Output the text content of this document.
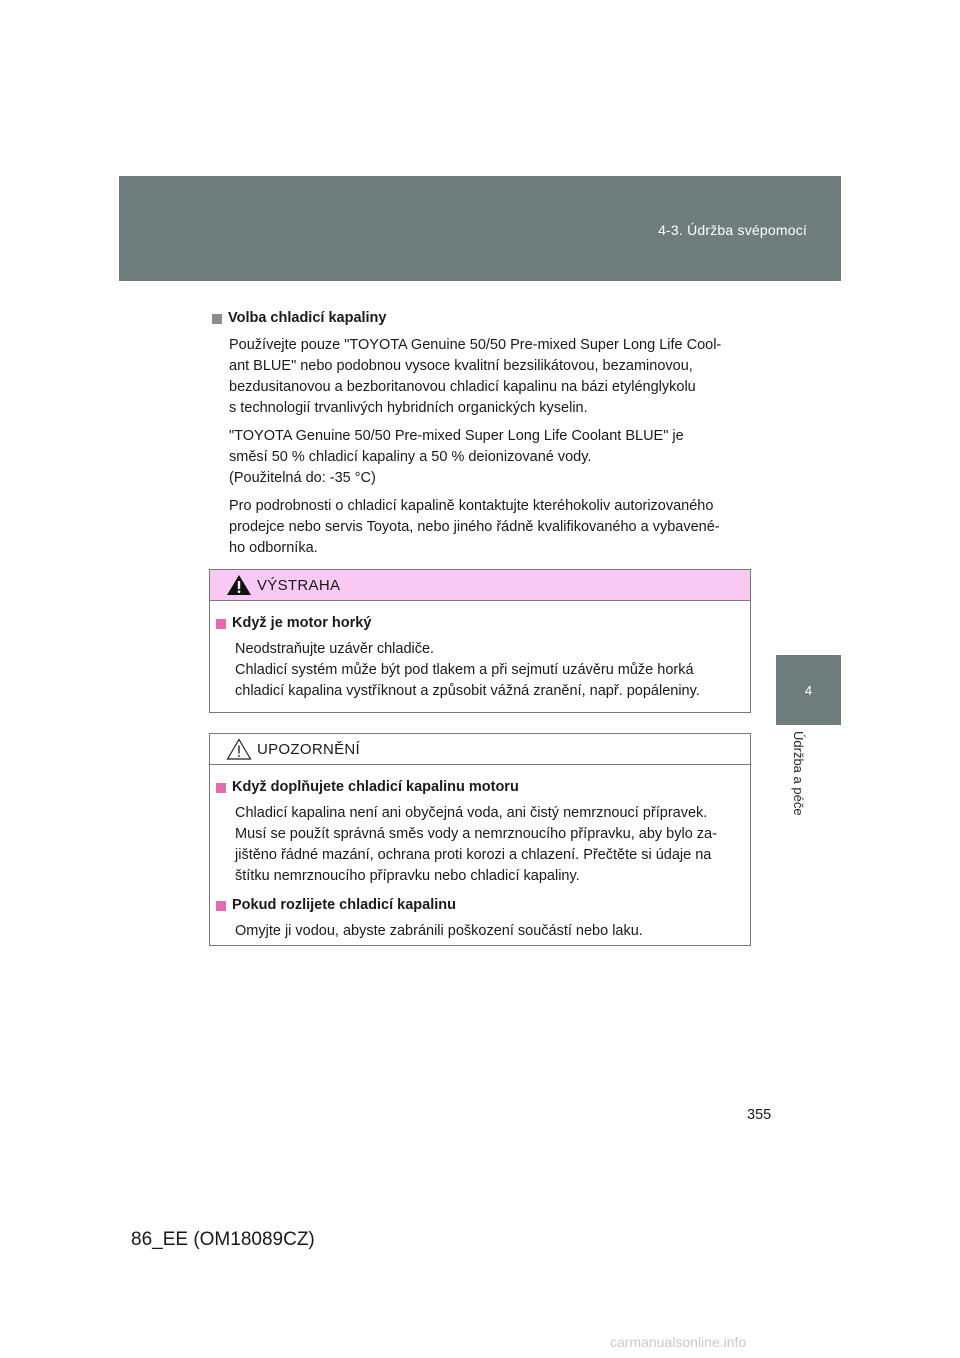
4-3. Údržba svépomocí
4
Údržba a péče
Volba chladicí kapaliny

Používejte pouze "TOYOTA Genuine 50/50 Pre-mixed Super Long Life Cool-
ant BLUE" nebo podobnou vysoce kvalitní bezsilikátovou, bezaminovou,
bezdusitanovou a bezboritanovou chladicí kapalinu na bázi etylénglykolu
s technologií trvanlivých hybridních organických kyselin.

"TOYOTA Genuine 50/50 Pre-mixed Super Long Life Coolant BLUE" je
směsí 50 % chladicí kapaliny a 50 % deionizované vody.
(Použitelná do: -35 °C)

Pro podrobnosti o chladicí kapalině kontaktujte kteréhokoliv autorizovaného
prodejce nebo servis Toyota, nebo jiného řádně kvalifikovaného a vybavené-
ho odborníka.

VÝSTRAHA
Když je motor horký

Neodstraňujte uzávěr chladiče.
Chladicí systém může být pod tlakem a při sejmutí uzávěru může horká
chladicí kapalina vystříknout a způsobit vážná zranění, např. popáleniny.

UPOZORNĚNÍ
Když doplňujete chladicí kapalinu motoru

Chladicí kapalina není ani obyčejná voda, ani čistý nemrznoucí přípravek.
Musí se použít správná směs vody a nemrznoucího přípravku, aby bylo za-
jištěno řádné mazání, ochrana proti korozi a chlazení. Přečtěte si údaje na
štítku nemrznoucího přípravku nebo chladicí kapaliny.

Pokud rozlijete chladicí kapalinu

Omyjte ji vodou, abyste zabránili poškození součástí nebo laku.

355
86_EE (OM18089CZ)
carmanualsonline.info
